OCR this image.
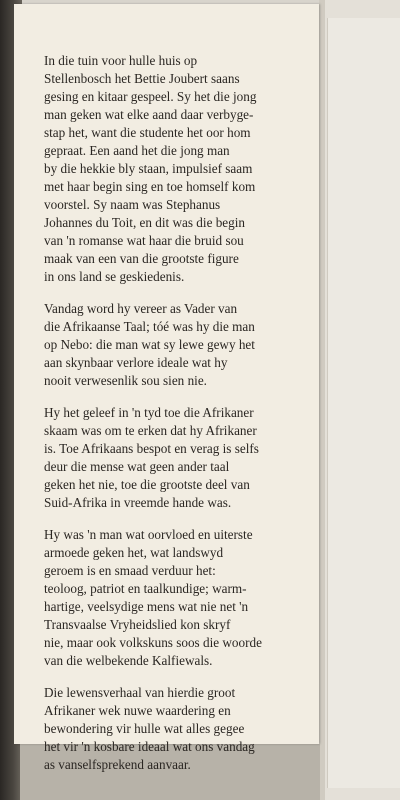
In die tuin voor hulle huis op
Stellenbosch het Bettie Joubert saans
gesing en kitaar gespeel. Sy het die jong
man geken wat elke aand daar verbyge-
stap het, want die studente het oor hom
gepraat. Een aand het die jong man
by die hekkie bly staan, impulsief saam
met haar begin sing en toe homself kom
voorstel. Sy naam was Stephanus
Johannes du Toit, en dit was die begin
van 'n romanse wat haar die bruid sou
maak van een van die grootste figure
in ons land se geskiedenis.

Vandag word hy vereer as Vader van
die Afrikaanse Taal; tóé was hy die man
op Nebo: die man wat sy lewe gewy het
aan skynbaar verlore ideale wat hy
nooit verwesenlik sou sien nie.

Hy het geleef in 'n tyd toe die Afrikaner
skaam was om te erken dat hy Afrikaner
is. Toe Afrikaans bespot en verag is selfs
deur die mense wat geen ander taal
geken het nie, toe die grootste deel van
Suid-Afrika in vreemde hande was.

Hy was 'n man wat oorvloed en uiterste
armoede geken het, wat landswyd
geroem is en smaad verduur het:
teoloog, patriot en taalkundige; warm-
hartige, veelsydige mens wat nie net 'n
Transvaalse Vryheidslied kon skryf
nie, maar ook volkskuns soos die woorde
van die welbekende Kalfiewals.

Die lewensverhaal van hierdie groot
Afrikaner wek nuwe waardering en
bewondering vir hulle wat alles gegee
het vir 'n kosbare ideaal wat ons vandag
as vanselfsprekend aanvaar.
